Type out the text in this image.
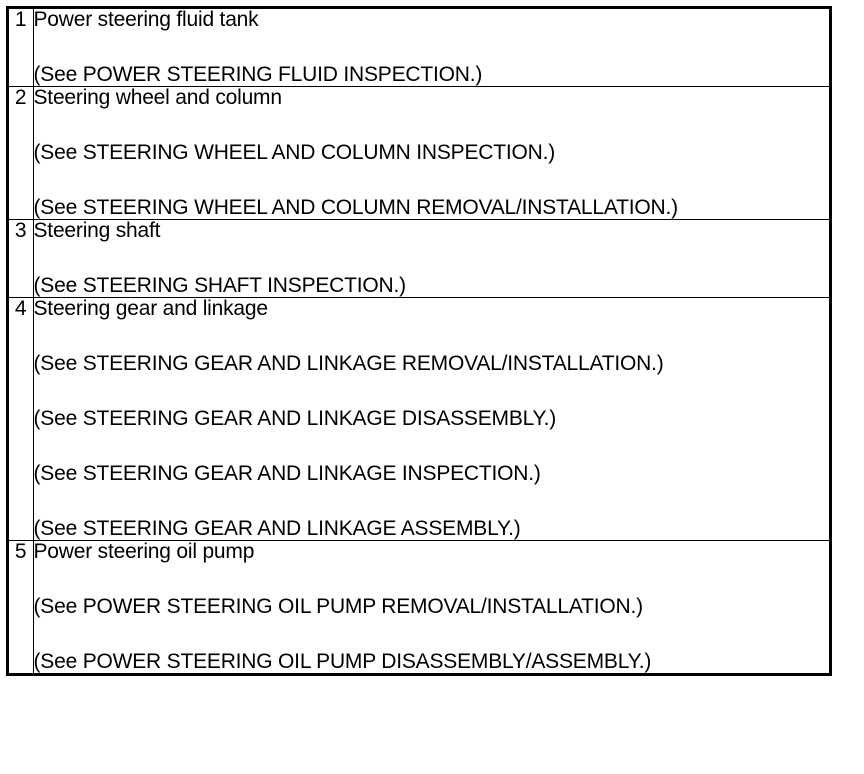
1	Power steering fluid tank
(See POWER STEERING FLUID INSPECTION.)

2	Steering wheel and column
(See STEERING WHEEL AND COLUMN INSPECTION.)
(See STEERING WHEEL AND COLUMN REMOVAL/INSTALLATION.)

3	Steering shaft
(See STEERING SHAFT INSPECTION.)

4	Steering gear and linkage
(See STEERING GEAR AND LINKAGE REMOVAL/INSTALLATION.)
(See STEERING GEAR AND LINKAGE DISASSEMBLY.)
(See STEERING GEAR AND LINKAGE INSPECTION.)
(See STEERING GEAR AND LINKAGE ASSEMBLY.)

5	Power steering oil pump
(See POWER STEERING OIL PUMP REMOVAL/INSTALLATION.)
(See POWER STEERING OIL PUMP DISASSEMBLY/ASSEMBLY.)
